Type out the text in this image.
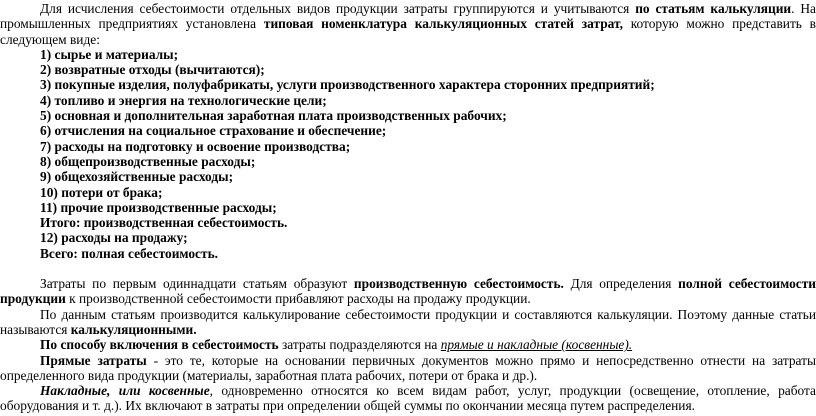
Для исчисления себестоимости отдельных видов продукции затраты группируются и учитываются по статьям калькуляции. На промышленных предприятиях установлена типовая номенклатура калькуляционных статей затрат, которую можно представить в следующем виде:

1) сырье и материалы;
2) возвратные отходы (вычитаются);
3) покупные изделия, полуфабрикаты, услуги производственного характера сторонних предприятий;
4) топливо и энергия на технологические цели;
5) основная и дополнительная заработная плата производственных рабочих;
6) отчисления на социальное страхование и обеспечение;
7) расходы на подготовку и освоение производства;
8) общепроизводственные расходы;
9) общехозяйственные расходы;
10) потери от брака;
11) прочие производственные расходы;
Итого: производственная себестоимость.
12) расходы на продажу;
Всего: полная себестоимость.

Затраты по первым одиннадцати статьям образуют производственную себестоимость. Для определения полной себестоимости продукции к производственной себестоимости прибавляют расходы на продажу продукции.

По данным статьям производится калькулирование себестоимости продукции и составляются калькуляции. Поэтому данные статьи называются калькуляционными.

По способу включения в себестоимость затраты подразделяются на прямые и накладные (косвенные).

Прямые затраты - это те, которые на основании первичных документов можно прямо и непосредственно отнести на затраты определенного вида продукции (материалы, заработная плата рабочих, потери от брака и др.).

Накладные, или косвенные, одновременно относятся ко всем видам работ, услуг, продукции (освещение, отопление, работа оборудования и т. д.). Их включают в затраты при определении общей суммы по окончании месяца путем распределения.
